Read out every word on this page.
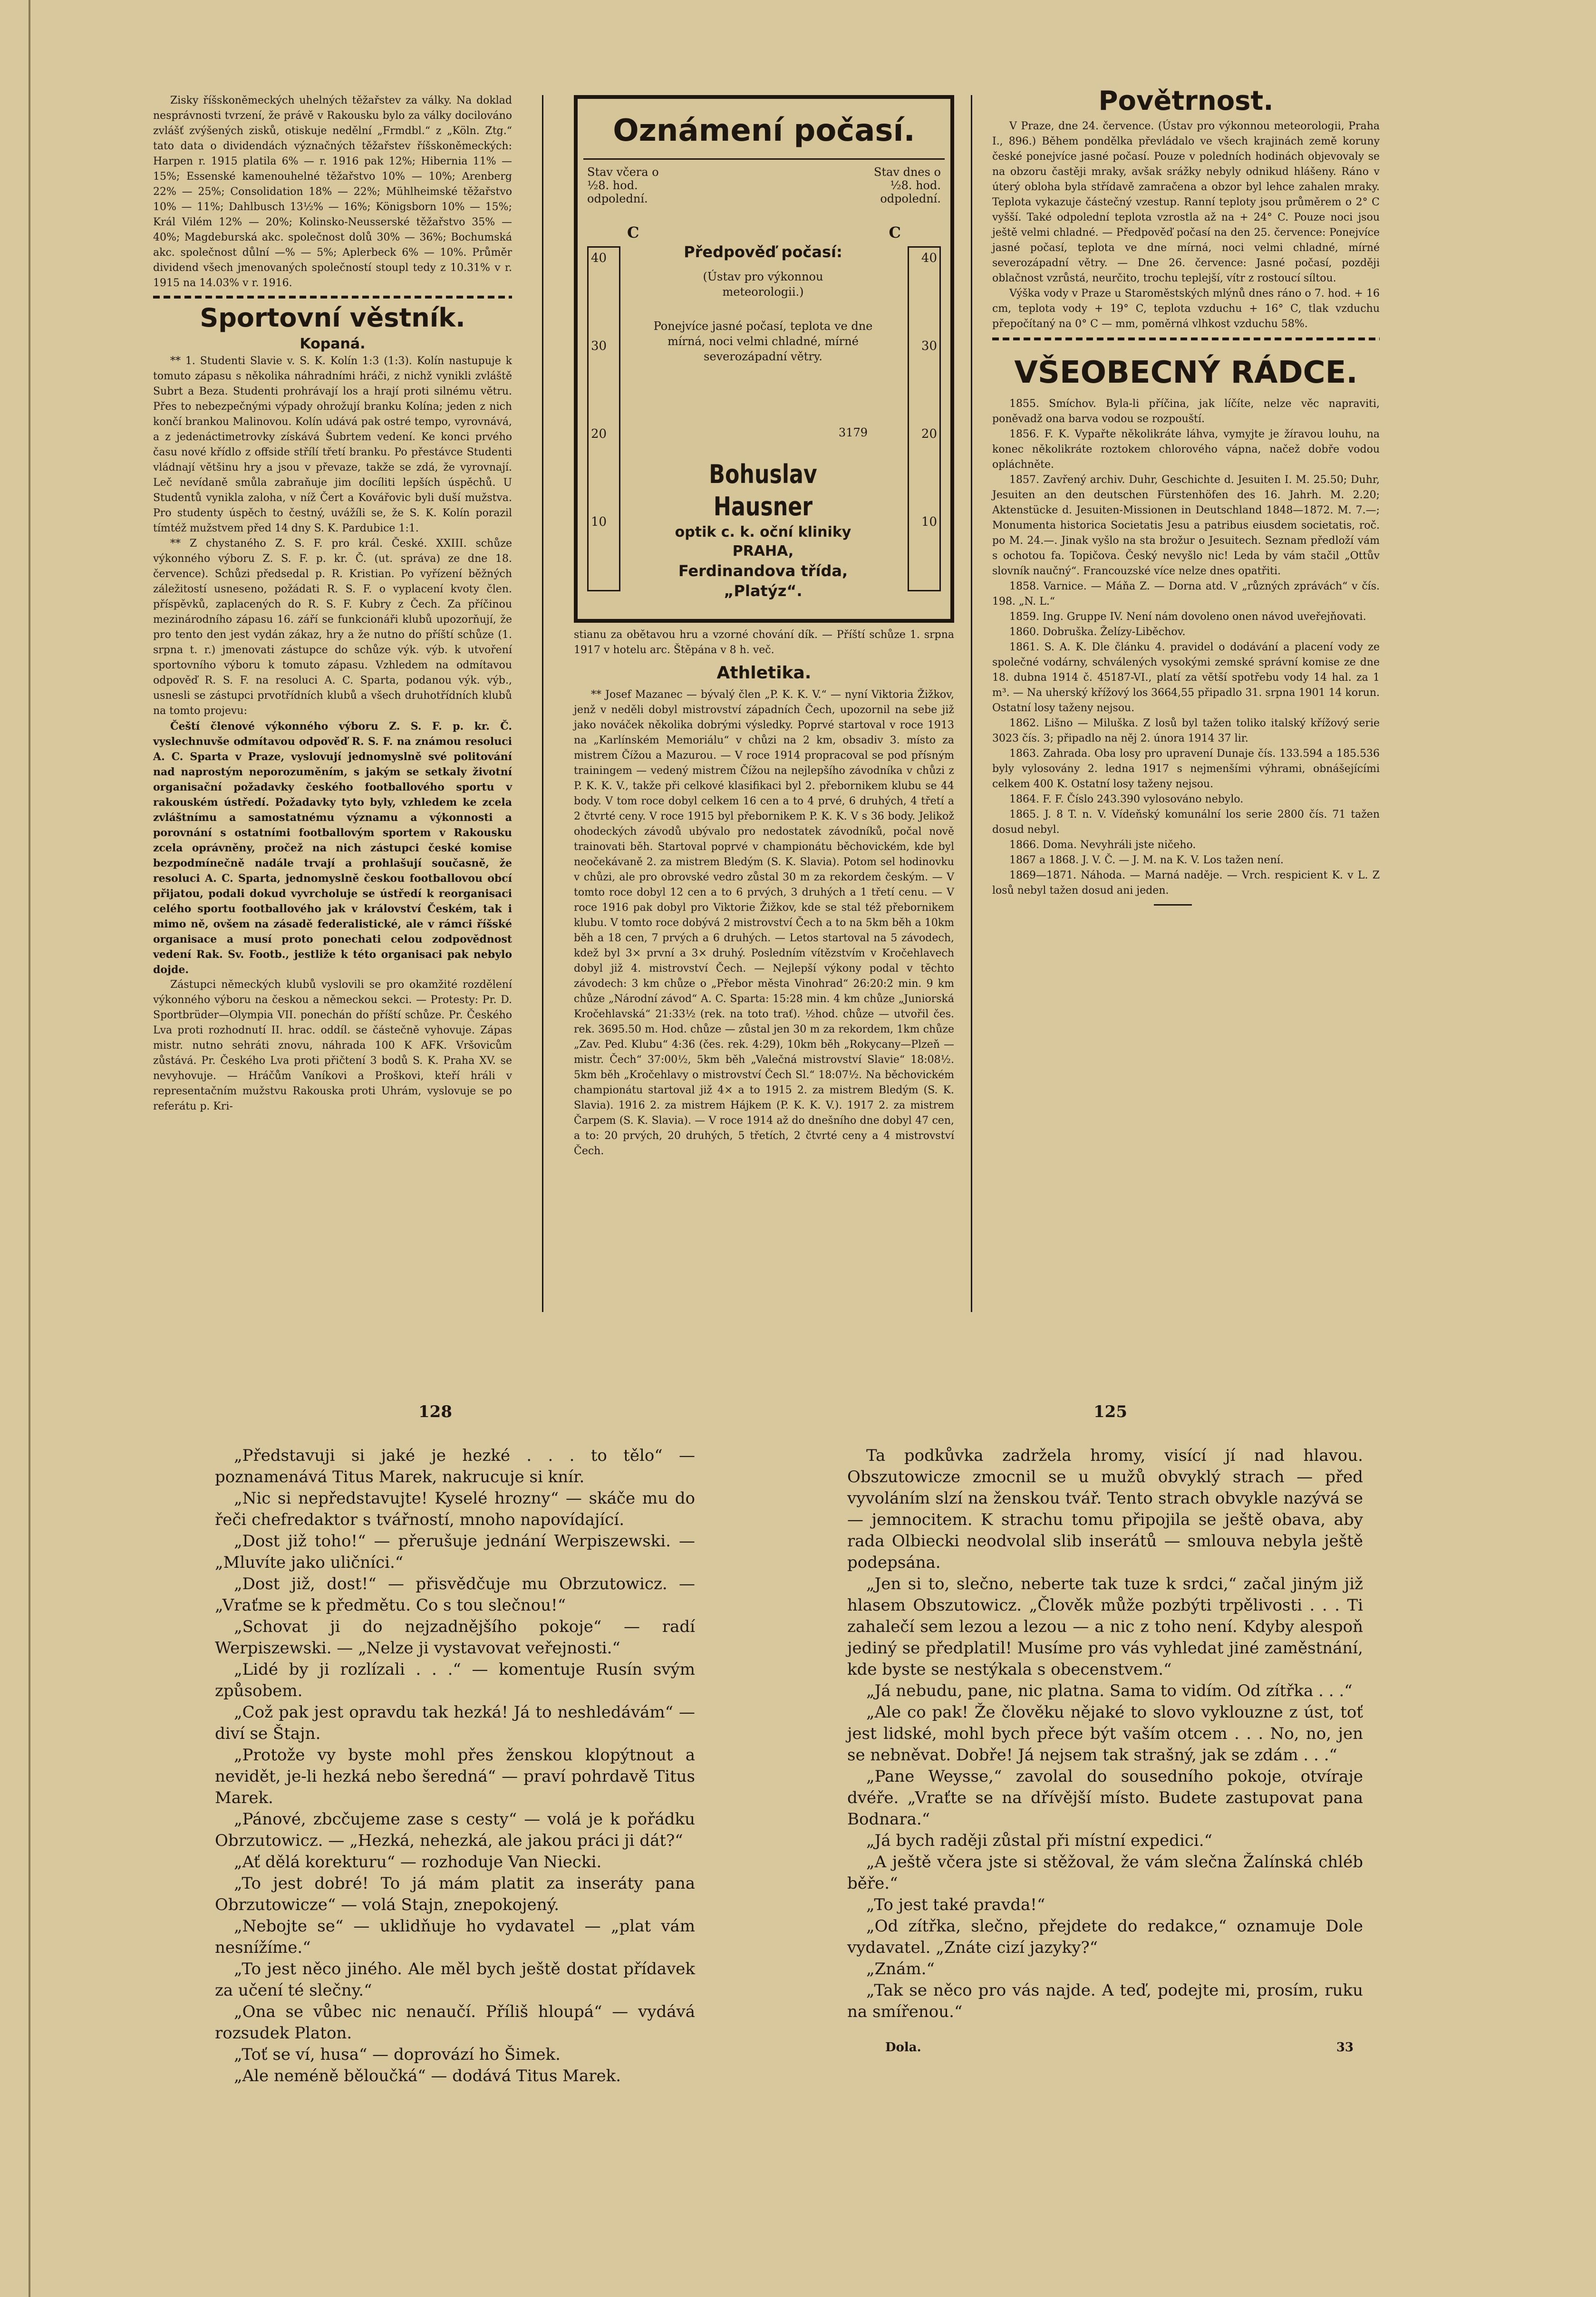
Zisky říšskoněmeckých uhelných těžařstev za války. Na doklad nesprávnosti tvrzení, že právě v Rakousku bylo za války docilováno zvlášť zvýšených zisků, otiskuje nedělní „Frmdbl.“ z „Köln. Ztg.“ tato data o dividendách význačných těžařstev říšskoněmeckých: Harpen r. 1915 platila 6% — r. 1916 pak 12%; Hibernia 11% — 15%; Essenské kamenouhelné těžařstvo 10% — 10%; Arenberg 22% — 25%; Consolidation 18% — 22%; Mühlheimské těžařstvo 10% — 11%; Dahlbusch 13½% — 16%; Königsborn 10% — 15%; Král Vilém 12% — 20%; Kolinsko-Neusserské těžařstvo 35% — 40%; Magdeburská akc. společnost dolů 30% — 36%; Bochumská akc. společnost důlní —% — 5%; Aplerbeck 6% — 10%. Průměr dividend všech jmenovaných společností stoupl tedy z 10.31% v r. 1915 na 14.03% v r. 1916.

Sportovní věstník.
Kopaná.

** 1. Studenti Slavie v. S. K. Kolín 1:3 (1:3). Kolín nastupuje k tomuto zápasu s několika náhradními hráči, z nichž vynikli zvláště Subrt a Beza. Studenti prohrávají los a hrají proti silnému větru. Přes to nebezpečnými výpady ohrožují branku Kolína; jeden z nich končí brankou Malinovou. Kolín udává pak ostré tempo, vyrovnává, a z jedenáctimetrovky získává Šubrtem vedení. Ke konci prvého času nové křídlo z offside střílí třetí branku. Po přestávce Studenti vládnají většinu hry a jsou v převaze, takže se zdá, že vyrovnají. Leč nevídaně smůla zabraňuje jim docíliti lepších úspěchů. U Studentů vynikla zaloha, v níž Čert a Kovářovic byli duší mužstva. Pro studenty úspěch to čestný, uvážíli se, že S. K. Kolín porazil tímtéž mužstvem před 14 dny S. K. Pardubice 1:1.

** Z chystaného Z. S. F. pro král. České. XXIII. schůze výkonného výboru Z. S. F. p. kr. Č. (ut. správa) ze dne 18. července). Schůzi předsedal p. R. Kristian. Po vyřízení běžných záležitostí usneseno, požádati R. S. F. o vyplacení kvoty člen. příspěvků, zaplacených do R. S. F. Kubry z Čech. Za příčinou mezinárodního zápasu 16. září se funkcionáři klubů upozorňují, že pro tento den jest vydán zákaz, hry a že nutno do příští schůze (1. srpna t. r.) jmenovati zástupce do schůze výk. výb. k utvoření sportovního výboru k tomuto zápasu. Vzhledem na odmítavou odpověď R. S. F. na resoluci A. C. Sparta, podanou výk. výb., usnesli se zástupci prvotřídních klubů a všech druhotřídních klubů na tomto projevu:

Čeští členové výkonného výboru Z. S. F. p. kr. Č. vyslechnuvše odmítavou odpověď R. S. F. na známou resoluci A. C. Sparta v Praze, vyslovují jednomyslně své politování nad naprostým neporozuměním, s jakým se setkaly životní organisační požadavky českého footballového sportu v rakouském ústředí. Požadavky tyto byly, vzhledem ke zcela zvláštnímu a samostatnému významu a výkonnosti a porovnání s ostatními footballovým sportem v Rakousku zcela oprávněny, pročež na nich zástupci české komise bezpodmínečně nadále trvají a prohlašují současně, že resoluci A. C. Sparta, jednomyslně českou footballovou obcí přijatou, podali dokud vyvrcholuje se ústředí k reorganisaci celého sportu footballového jak v království Českém, tak i mimo ně, ovšem na zásadě federalistické, ale v rámci říšské organisace a musí proto ponechati celou zodpovědnost vedení Rak. Sv. Footb., jestliže k této organisaci pak nebylo dojde.

Zástupci německých klubů vyslovili se pro okamžité rozdělení výkonného výboru na českou a německou sekci. — Protesty: Pr. D. Sportbrüder—Olympia VII. ponechán do příští schůze. Pr. Českého Lva proti rozhodnutí II. hrac. oddíl. se částečně vyhovuje. Zápas mistr. nutno sehráti znovu, náhrada 100 K AFK. Vršovicům zůstává. Pr. Českého Lva proti přičtení 3 bodů S. K. Praha XV. se nevyhovuje. — Hráčům Vaníkovi a Proškovi, kteří hráli v representačním mužstvu Rakouska proti Uhrám, vyslovuje se po referátu p. Kri-

Oznámení počasí.
Stav včera o ½8. hod. odpolední.
Stav dnes o ½8. hod. odpolední.
C	C
40
30
20
10
40
30
20
10
Předpověď počasí:
(Ústav pro výkonnou meteorologii.)
Ponejvíce jasné počasí, teplota ve dne mírná, noci velmi chladné, mírné severozápadní větry.
3179
Bohuslav Hausner
optik c. k. oční kliniky
PRAHA,
Ferdinandova třída,
„Platýz“.

stianu za obětavou hru a vzorné chování dík. — Příští schůze 1. srpna 1917 v hotelu arc. Štěpána v 8 h. več.

Athletika.

** Josef Mazanec — bývalý člen „P. K. K. V.“ — nyní Viktoria Žižkov, jenž v neděli dobyl mistrovství západních Čech, upozornil na sebe již jako nováček několika dobrými výsledky. Poprvé startoval v roce 1913 na „Karlínském Memoriálu“ v chůzi na 2 km, obsadiv 3. místo za mistrem Čížou a Mazurou. — V roce 1914 propracoval se pod přísným trainingem — vedený mistrem Čížou na nejlepšího závodníka v chůzi z P. K. K. V., takže při celkové klasifikaci byl 2. přebornikem klubu se 44 body. V tom roce dobyl celkem 16 cen a to 4 prvé, 6 druhých, 4 třetí a 2 čtvrté ceny. V roce 1915 byl přebornikem P. K. K. V s 36 body. Jelikož ohodeckých závodů ubývalo pro nedostatek závodníků, počal nově trainovati běh. Startoval poprvé v championátu běchovickém, kde byl neočekávaně 2. za mistrem Bledým (S. K. Slavia). Potom sel hodinovku v chůzi, ale pro obrovské vedro zůstal 30 m za rekordem českým. — V tomto roce dobyl 12 cen a to 6 prvých, 3 druhých a 1 třetí cenu. — V roce 1916 pak dobyl pro Viktorie Žižkov, kde se stal též přebornikem klubu. V tomto roce dobývá 2 mistrovství Čech a to na 5km běh a 10km běh a 18 cen, 7 prvých a 6 druhých. — Letos startoval na 5 závodech, kdež byl 3× první a 3× druhý. Posledním vítězstvím v Kročehlavech dobyl již 4. mistrovství Čech. — Nejlepší výkony podal v těchto závodech: 3 km chůze o „Přebor města Vinohrad“ 26:20:2 min. 9 km chůze „Národní závod“ A. C. Sparta: 15:28 min. 4 km chůze „Juniorská Kročehlavská“ 21:33½ (rek. na toto trať). ½hod. chůze — utvořil čes. rek. 3695.50 m. Hod. chůze — zůstal jen 30 m za rekordem, 1km chůze „Zav. Ped. Klubu“ 4:36 (čes. rek. 4:29), 10km běh „Rokycany—Plzeň — mistr. Čech“ 37:00½, 5km běh „Valečná mistrovství Slavie“ 18:08½. 5km běh „Kročehlavy o mistrovství Čech Sl.“ 18:07½. Na běchovickém championátu startoval již 4× a to 1915 2. za mistrem Bledým (S. K. Slavia). 1916 2. za mistrem Hájkem (P. K. K. V.). 1917 2. za mistrem Čarpem (S. K. Slavia). — V roce 1914 až do dnešního dne dobyl 47 cen, a to: 20 prvých, 20 druhých, 5 třetích, 2 čtvrté ceny a 4 mistrovství Čech.

Povětrnost.

V Praze, dne 24. července. (Ústav pro výkonnou meteorologii, Praha I., 896.) Během pondělka převládalo ve všech krajinách země koruny české ponejvíce jasné počasí. Pouze v poledních hodinách objevovaly se na obzoru častěji mraky, avšak srážky nebyly odnikud hlášeny. Ráno v úterý obloha byla střídavě zamračena a obzor byl lehce zahalen mraky. Teplota vykazuje částečný vzestup. Ranní teploty jsou průměrem o 2° C vyšší. Také odpolední teplota vzrostla až na + 24° C. Pouze noci jsou ještě velmi chladné. — Předpověď počasí na den 25. července: Ponejvíce jasné počasí, teplota ve dne mírná, noci velmi chladné, mírné severozápadní větry. — Dne 26. července: Jasné počasí, později oblačnost vzrůstá, neurčito, trochu teplejší, vítr z rostoucí síltou.

Výška vody v Praze u Staroměstských mlýnů dnes ráno o 7. hod. + 16 cm, teplota vody + 19° C, teplota vzduchu + 16° C, tlak vzduchu přepočítaný na 0° C — mm, poměrná vlhkost vzduchu 58%.

VŠEOBECNÝ RÁDCE.

1855. Smíchov. Byla-li příčina, jak líčíte, nelze věc napraviti, poněvadž ona barva vodou se rozpouští.

1856. F. K. Vypařte několikráte láhva, vymyjte je žíravou louhu, na konec několikráte roztokem chlorového vápna, načež dobře vodou opláchněte.

1857. Zavřený archiv. Duhr, Geschichte d. Jesuiten I. M. 25.50; Duhr, Jesuiten an den deutschen Fürstenhöfen des 16. Jahrh. M. 2.20; Aktenstücke d. Jesuiten-Missionen in Deutschland 1848—1872. M. 7.—; Monumenta historica Societatis Jesu a patribus eiusdem societatis, roč. po M. 24.—. Jinak vyšlo na sta brožur o Jesuitech. Seznam předloží vám s ochotou fa. Topičova. Český nevyšlo nic! Leda by vám stačil „Ottův slovník naučný“. Francouzské více nelze dnes opatřiti.

1858. Varnice. — Máňa Z. — Dorna atd. V „různých zprávách“ v čís. 198. „N. L.“

1859. Ing. Gruppe IV. Není nám dovoleno onen návod uveřejňovati.

1860. Dobruška. Želízy-Liběchov.

1861. S. A. K. Dle článku 4. pravidel o dodávání a placení vody ze společné vodárny, schválených vysokými zemské správní komise ze dne 18. dubna 1914 č. 45187-VI., platí za větší spotřebu vody 14 hal. za 1 m³. — Na uherský křížový los 3664,55 připadlo 31. srpna 1901 14 korun. Ostatní losy taženy nejsou.

1862. Lišno — Miluška. Z losů byl tažen toliko italský křížový serie 3023 čís. 3; připadlo na něj 2. února 1914 37 lir.

1863. Zahrada. Oba losy pro upravení Dunaje čís. 133.594 a 185.536 byly vylosovány 2. ledna 1917 s nejmenšími výhrami, obnášejícími celkem 400 K. Ostatní losy taženy nejsou.

1864. F. F. Číslo 243.390 vylosováno nebylo.

1865. J. 8 T. n. V. Vídeňský komunální los serie 2800 čís. 71 tažen dosud nebyl.

1866. Doma. Nevyhráli jste ničeho.

1867 a 1868. J. V. Č. — J. M. na K. V. Los tažen není.

1869—1871. Náhoda. — Marná naděje. — Vrch. respicient K. v L. Z losů nebyl tažen dosud ani jeden.

128

„Představuji si jaké je hezké . . . to tělo“ — poznamenává Titus Marek, nakrucuje si knír.

„Nic si nepředstavujte! Kyselé hrozny“ — skáče mu do řeči chefredaktor s tvářností, mnoho napovídající.

„Dost již toho!“ — přerušuje jednání Werpiszewski. — „Mluvíte jako uličníci.“

„Dost již, dost!“ — přisvědčuje mu Obrzutowicz. — „Vraťme se k předmětu. Co s tou slečnou!“

„Schovat ji do nejzadnějšího pokoje“ — radí Werpiszewski. — „Nelze ji vystavovat veřejnosti.“

„Lidé by ji rozlízali . . .“ — komentuje Rusín svým způsobem.

„Což pak jest opravdu tak hezká! Já to neshledávám“ — diví se Štajn.

„Protože vy byste mohl přes ženskou klopýtnout a nevidět, je-li hezká nebo šeredná“ — praví pohrdavě Titus Marek.

„Pánové, zbcčujeme zase s cesty“ — volá je k pořádku Obrzutowicz. — „Hezká, nehezká, ale jakou práci ji dát?“

„Ať dělá korekturu“ — rozhoduje Van Niecki.

„To jest dobré! To já mám platit za inseráty pana Obrzutowicze“ — volá Stajn, znepokojený.

„Nebojte se“ — uklidňuje ho vydavatel — „plat vám nesnížíme.“

„To jest něco jiného. Ale měl bych ještě dostat přídavek za učení té slečny.“

„Ona se vůbec nic nenaučí. Příliš hloupá“ — vydává rozsudek Platon.

„Toť se ví, husa“ — doprovází ho Šimek.

„Ale neméně běloučká“ — dodává Titus Marek.

125

Ta podkůvka zadržela hromy, visící jí nad hlavou. Obszutowicze zmocnil se u mužů obvyklý strach — před vyvoláním slzí na ženskou tvář. Tento strach obvykle nazývá se — jemnocitem. K strachu tomu připojila se ještě obava, aby rada Olbiecki neodvolal slib inserátů — smlouva nebyla ještě podepsána.

„Jen si to, slečno, neberte tak tuze k srdci,“ začal jiným již hlasem Obszutowicz. „Člověk může pozbýti trpělivosti . . . Ti zahalečí sem lezou a lezou — a nic z toho není. Kdyby alespoň jediný se předplatil! Musíme pro vás vyhledat jiné zaměstnání, kde byste se nestýkala s obecenstvem.“

„Já nebudu, pane, nic platna. Sama to vidím. Od zítřka . . .“

„Ale co pak! Že člověku nějaké to slovo vyklouzne z úst, toť jest lidské, mohl bych přece být vaším otcem . . . No, no, jen se nebněvat. Dobře! Já nejsem tak strašný, jak se zdám . . .“

„Pane Weysse,“ zavolal do sousedního pokoje, otvíraje dvéře. „Vraťte se na dřívější místo. Budete zastupovat pana Bodnara.“

„Já bych raději zůstal při místní expedici.“

„A ještě včera jste si stěžoval, že vám slečna Žalínská chléb běře.“

„To jest také pravda!“

„Od zítřka, slečno, přejdete do redakce,“ oznamuje Dole vydavatel. „Znáte cizí jazyky?“

„Znám.“

„Tak se něco pro vás najde. A teď, podejte mi, prosím, ruku na smířenou.“

Dola.	33
